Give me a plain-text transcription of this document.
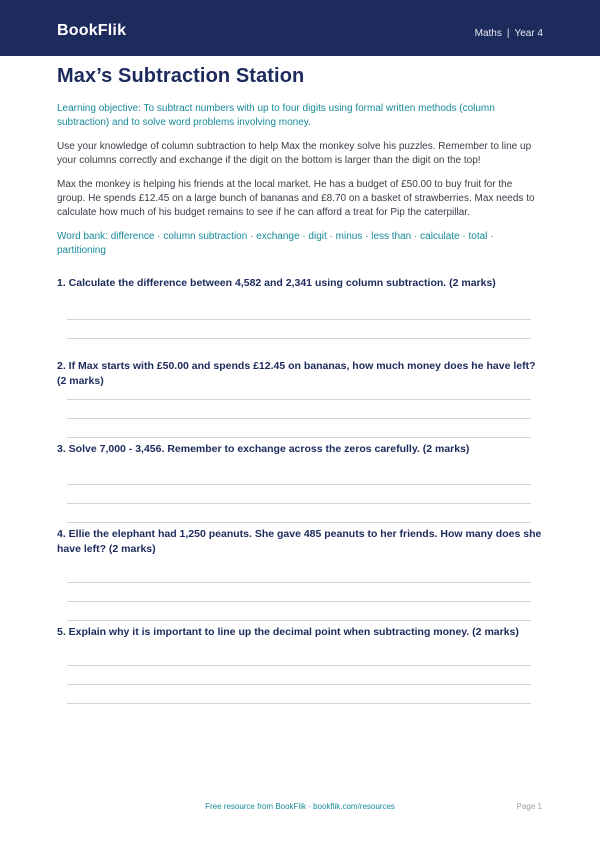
BookFlik	Maths | Year 4
Max’s Subtraction Station

Learning objective: To subtract numbers with up to four digits using formal written methods (column subtraction) and to solve word problems involving money.

Use your knowledge of column subtraction to help Max the monkey solve his puzzles. Remember to line up your columns correctly and exchange if the digit on the bottom is larger than the digit on the top!

Max the monkey is helping his friends at the local market. He has a budget of £50.00 to buy fruit for the group. He spends £12.45 on a large bunch of bananas and £8.70 on a basket of strawberries. Max needs to calculate how much of his budget remains to see if he can afford a treat for Pip the caterpillar.

Word bank: difference · column subtraction · exchange · digit · minus · less than · calculate · total · partitioning

1. Calculate the difference between 4,582 and 2,341 using column subtraction. (2 marks)

2. If Max starts with £50.00 and spends £12.45 on bananas, how much money does he have left? (2 marks)

3. Solve 7,000 - 3,456. Remember to exchange across the zeros carefully. (2 marks)

4. Ellie the elephant had 1,250 peanuts. She gave 485 peanuts to her friends. How many does she have left? (2 marks)

5. Explain why it is important to line up the decimal point when subtracting money. (2 marks)

Free resource from BookFlik · bookflik.com/resources	Page 1
